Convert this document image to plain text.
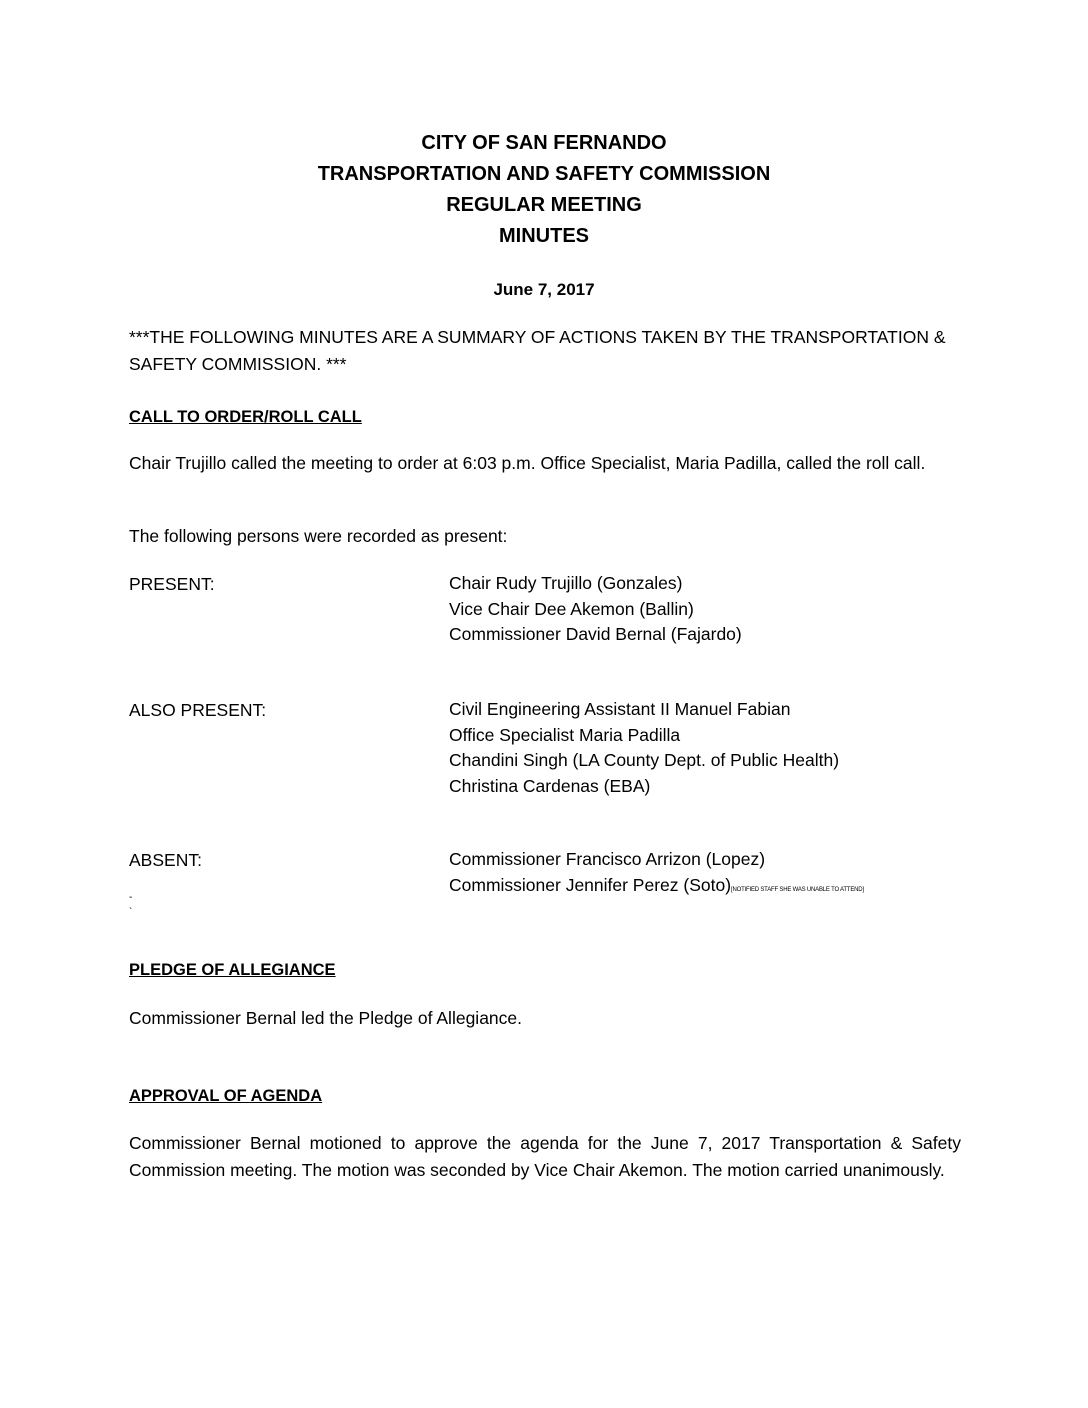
CITY OF SAN FERNANDO
TRANSPORTATION AND SAFETY COMMISSION
REGULAR MEETING
MINUTES
June 7, 2017
***THE FOLLOWING MINUTES ARE A SUMMARY OF ACTIONS TAKEN BY THE TRANSPORTATION & SAFETY COMMISSION. ***
CALL TO ORDER/ROLL CALL
Chair Trujillo called the meeting to order at 6:03 p.m. Office Specialist, Maria Padilla, called the roll call.
The following persons were recorded as present:
PRESENT:	Chair Rudy Trujillo (Gonzales)
Vice Chair Dee Akemon (Ballin)
Commissioner David Bernal (Fajardo)
ALSO PRESENT:	Civil Engineering Assistant II Manuel Fabian
Office Specialist Maria Padilla
Chandini Singh (LA County Dept. of Public Health)
Christina Cardenas (EBA)
ABSENT:	Commissioner Francisco Arrizon (Lopez)
Commissioner Jennifer Perez (Soto)[NOTIFIED STAFF SHE WAS UNABLE TO ATTEND]
-
`
PLEDGE OF ALLEGIANCE
Commissioner Bernal led the Pledge of Allegiance.
APPROVAL OF AGENDA
Commissioner Bernal motioned to approve the agenda for the June 7, 2017 Transportation & Safety Commission meeting. The motion was seconded by Vice Chair Akemon. The motion carried unanimously.
